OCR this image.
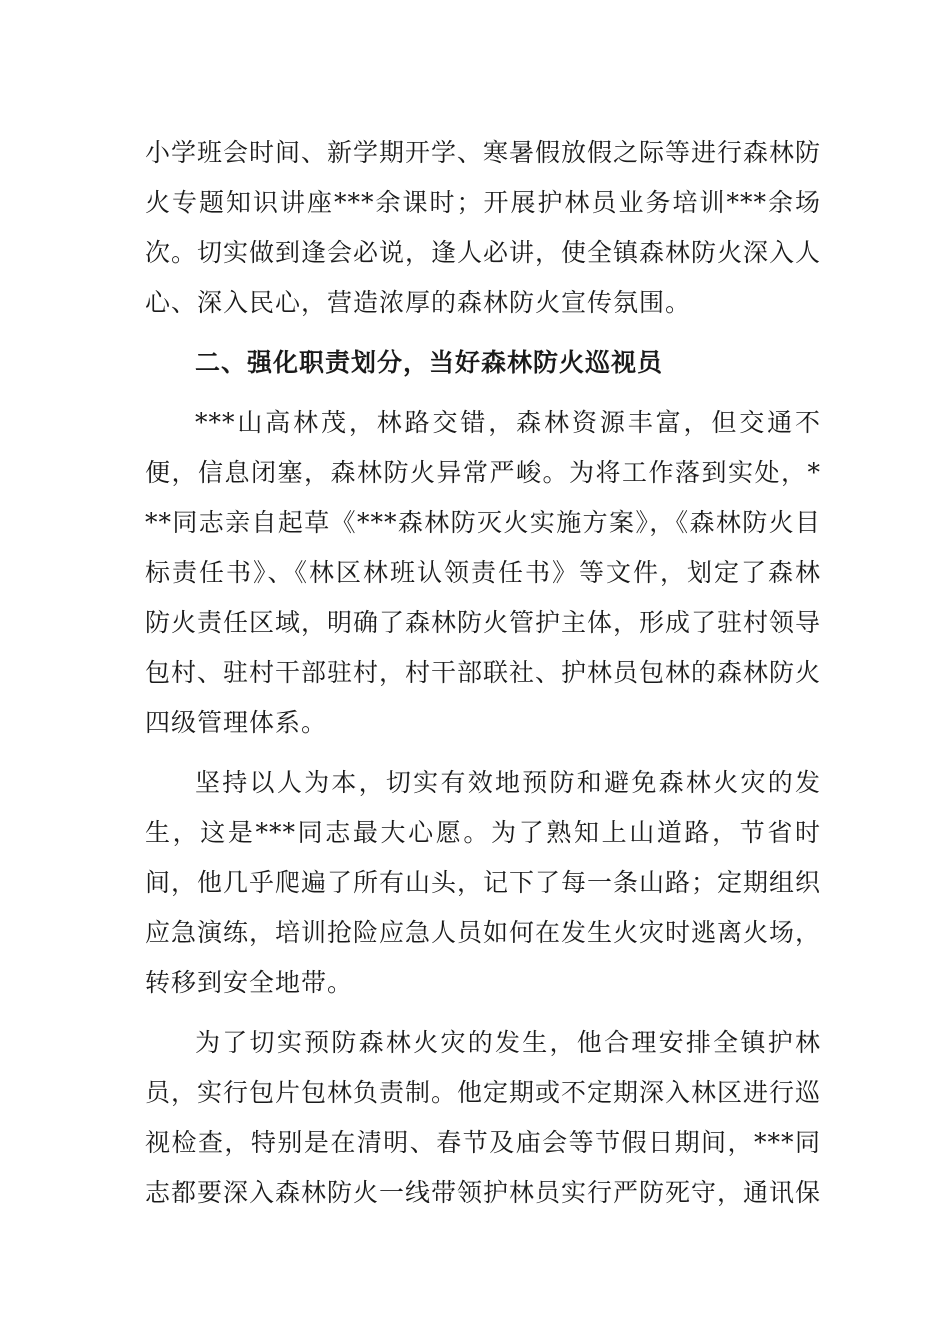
小学班会时间、新学期开学、寒暑假放假之际等进行森林防火专题知识讲座***余课时；开展护林员业务培训***余场次。切实做到逢会必说，逢人必讲，使全镇森林防火深入人心、深入民心，营造浓厚的森林防火宣传氛围。

二、强化职责划分，当好森林防火巡视员

***山高林茂，林路交错，森林资源丰富，但交通不便，信息闭塞，森林防火异常严峻。为将工作落到实处，***同志亲自起草《***森林防灭火实施方案》，《森林防火目标责任书》、《林区林班认领责任书》等文件，划定了森林防火责任区域，明确了森林防火管护主体，形成了驻村领导包村、驻村干部驻村，村干部联社、护林员包林的森林防火四级管理体系。

坚持以人为本，切实有效地预防和避免森林火灾的发生，这是***同志最大心愿。为了熟知上山道路，节省时间，他几乎爬遍了所有山头，记下了每一条山路；定期组织应急演练，培训抢险应急人员如何在发生火灾时逃离火场，转移到安全地带。

为了切实预防森林火灾的发生，他合理安排全镇护林员，实行包片包林负责制。他定期或不定期深入林区进行巡视检查，特别是在清明、春节及庙会等节假日期间，***同志都要深入森林防火一线带领护林员实行严防死守，通讯保
